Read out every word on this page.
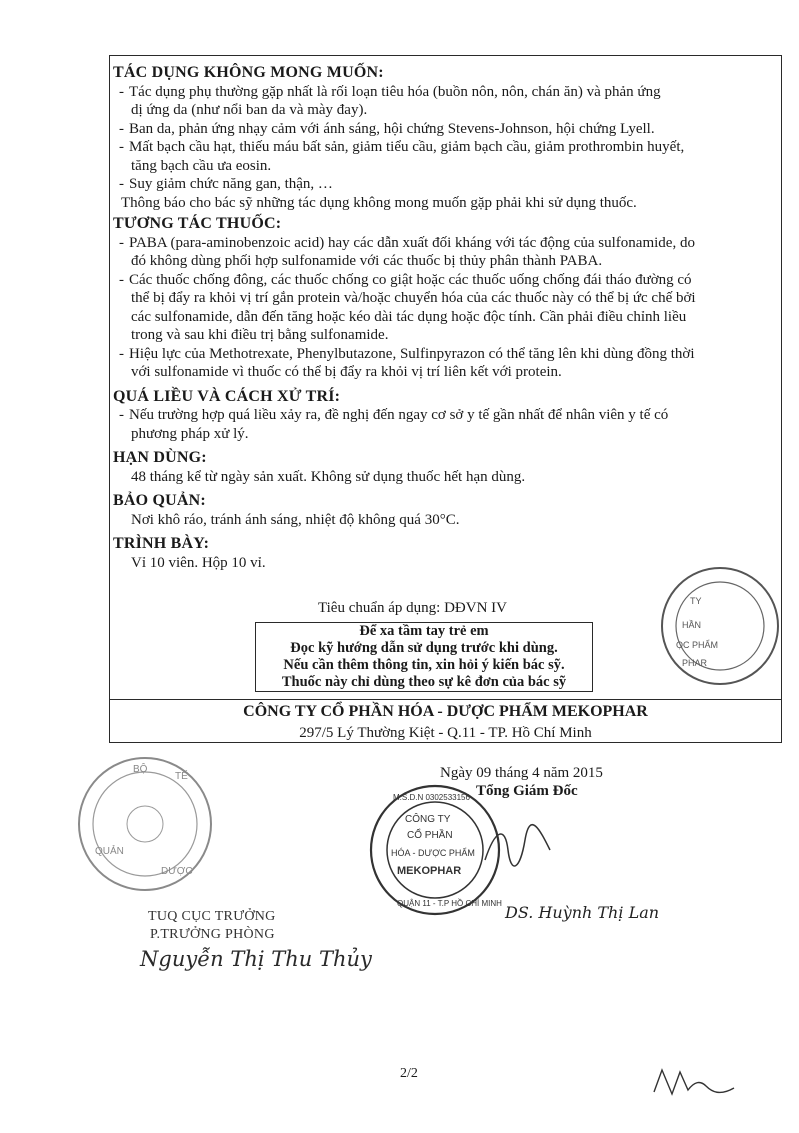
TÁC DỤNG KHÔNG MONG MUỐN:

- Tác dụng phụ thường gặp nhất là rối loạn tiêu hóa (buồn nôn, nôn, chán ăn) và phản ứng

dị ứng da (như nổi ban da và mày đay).

- Ban da, phản ứng nhạy cảm với ánh sáng, hội chứng Stevens-Johnson, hội chứng Lyell.

- Mất bạch cầu hạt, thiếu máu bất sản, giảm tiểu cầu, giảm bạch cầu, giảm prothrombin huyết,

tăng bạch cầu ưa eosin.

- Suy giảm chức năng gan, thận, …

Thông báo cho bác sỹ những tác dụng không mong muốn gặp phải khi sử dụng thuốc.

TƯƠNG TÁC THUỐC:

- PABA (para-aminobenzoic acid) hay các dẫn xuất đối kháng với tác động của sulfonamide, do

đó không dùng phối hợp sulfonamide với các thuốc bị thủy phân thành PABA.

- Các thuốc chống đông, các thuốc chống co giật hoặc các thuốc uống chống đái tháo đường có

thể bị đẩy ra khỏi vị trí gắn protein và/hoặc chuyển hóa của các thuốc này có thể bị ức chế bởi

các sulfonamide, dẫn đến tăng hoặc kéo dài tác dụng hoặc độc tính. Cần phải điều chỉnh liều

trong và sau khi điều trị bằng sulfonamide.

- Hiệu lực của Methotrexate, Phenylbutazone, Sulfinpyrazon có thể tăng lên khi dùng đồng thời

với sulfonamide vì thuốc có thể bị đẩy ra khỏi vị trí liên kết với protein.

QUÁ LIỀU VÀ CÁCH XỬ TRÍ:

- Nếu trường hợp quá liều xảy ra, đề nghị đến ngay cơ sở y tế gần nhất để nhân viên y tế có

phương pháp xử lý.

HẠN DÙNG:

48 tháng kể từ ngày sản xuất. Không sử dụng thuốc hết hạn dùng.

BẢO QUẢN:

Nơi khô ráo, tránh ánh sáng, nhiệt độ không quá 30°C.

TRÌNH BÀY:

Vỉ 10 viên. Hộp 10 vỉ.

Tiêu chuẩn áp dụng: DĐVN IV
Để xa tầm tay trẻ em
Đọc kỹ hướng dẫn sử dụng trước khi dùng.
Nếu cần thêm thông tin, xin hỏi ý kiến bác sỹ.
Thuốc này chỉ dùng theo sự kê đơn của bác sỹ
CÔNG TY CỔ PHẦN HÓA - DƯỢC PHẨM MEKOPHAR
297/5 Lý Thường Kiệt - Q.11 - TP. Hồ Chí Minh
TY
HẦN
ỌC PHẨM
PHAR
BỘ
TẾ
QUẢN
DƯỢC
Ngày 09 tháng 4 năm 2015
Tổng Giám Đốc
CÔNG TY
CỔ PHẦN
HÓA - DƯỢC PHẨM
MEKOPHAR
M.S.D.N 0302533156
QUẬN 11 - T.P HỒ CHÍ MINH DS. Huỳnh Thị Lan
TUQ CỤC TRƯỞNG
P.TRƯỞNG PHÒNG
Nguyễn Thị Thu Thủy
2/2
